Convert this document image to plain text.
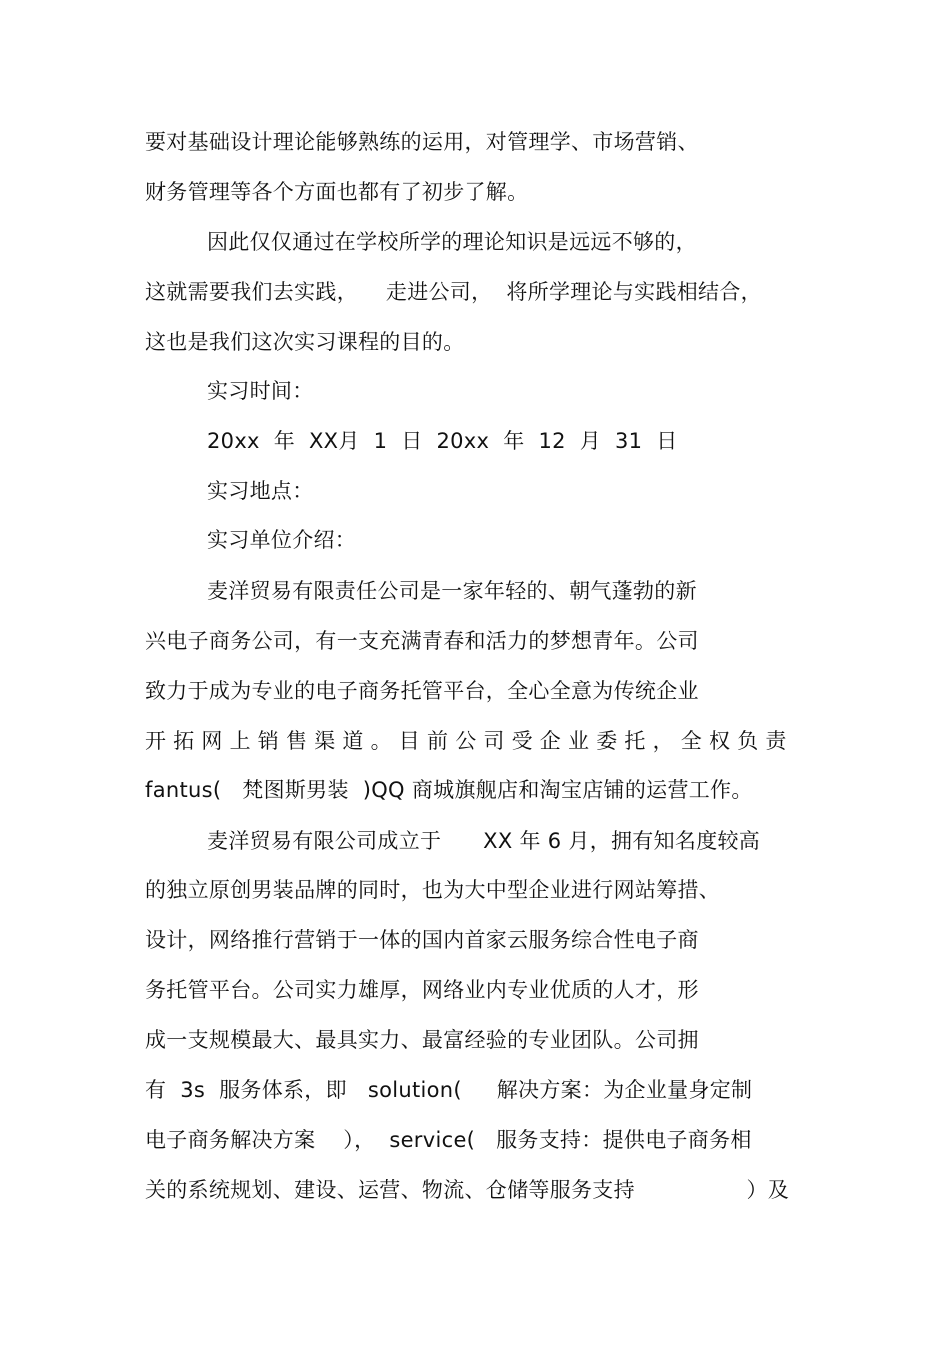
要对基础设计理论能够熟练的运用，对管理学、市场营销、
财务管理等各个方面也都有了初步了解。
因此仅仅通过在学校所学的理论知识是远远不够的，
这就需要我们去实践，    走进公司，  将所学理论与实践相结合，
这也是我们这次实习课程的目的。
实习时间：
20xx  年  XX月  1  日  20xx  年  12  月  31  日
实习地点：
实习单位介绍：
麦洋贸易有限责任公司是一家年轻的、朝气蓬勃的新
兴电子商务公司，有一支充满青春和活力的梦想青年。公司
致力于成为专业的电子商务托管平台，全心全意为传统企业
开拓网上销售渠道。目前公司受企业委托，全权负责
fantus(   梵图斯男装  )QQ 商城旗舰店和淘宝店铺的运营工作。
麦洋贸易有限公司成立于      XX 年 6 月，拥有知名度较高
的独立原创男装品牌的同时，也为大中型企业进行网站筹措、
设计，网络推行营销于一体的国内首家云服务综合性电子商
务托管平台。公司实力雄厚，网络业内专业优质的人才，形
成一支规模最大、最具实力、最富经验的专业团队。公司拥
有  3s  服务体系，即   solution(     解决方案：为企业量身定制
电子商务解决方案    ），  service(   服务支持：提供电子商务相
关的系统规划、建设、运营、物流、仓储等服务支持                ）及
